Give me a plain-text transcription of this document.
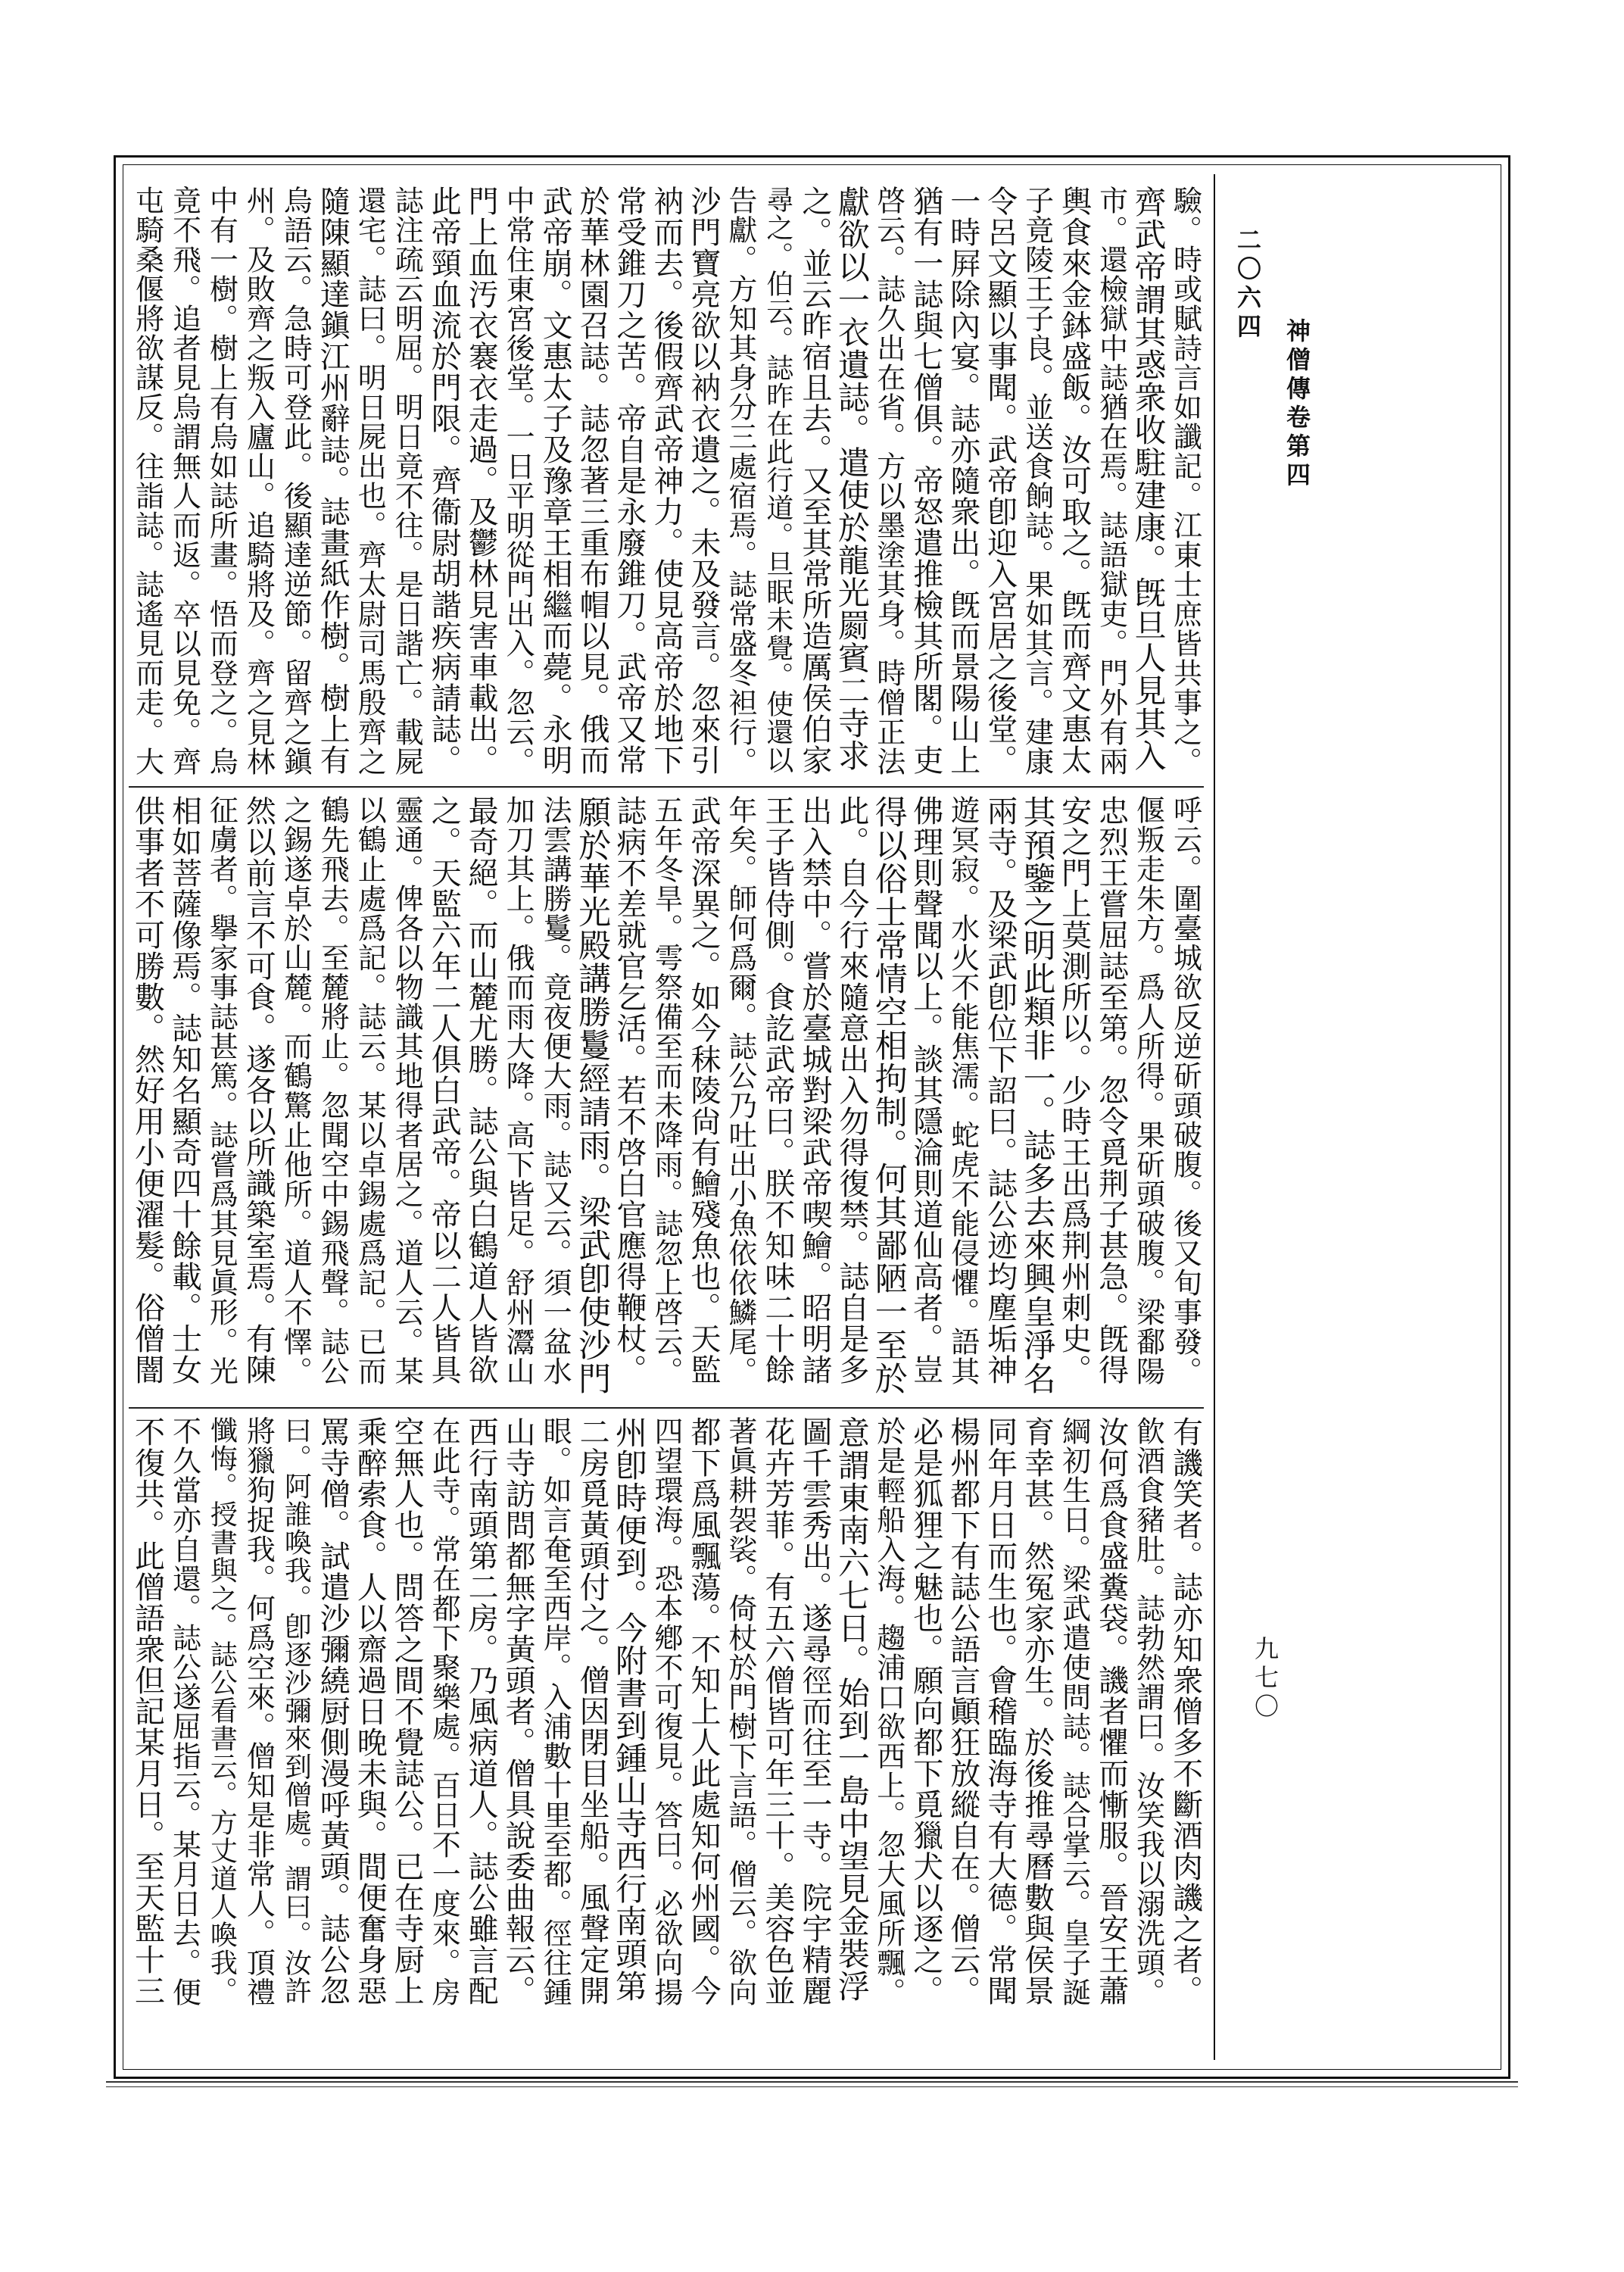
二〇六四
神僧傳卷第四
九七〇
驗。時或賦詩言如讖記。江東士庶皆共事之。
齊武帝謂其惑衆收駐建康。旣旦人見其入
市。還檢獄中誌猶在焉。誌語獄吏。門外有兩
輿食來金鉢盛飯。汝可取之。旣而齊文惠太
子竟陵王子良。並送食餉誌。果如其言。建康
令呂文顯以事聞。武帝卽迎入宮居之後堂。
一時屛除內宴。誌亦隨衆出。旣而景陽山上
猶有一誌與七僧俱。帝怒遣推檢其所閣。吏
啓云。誌久出在省。方以墨塗其身。時僧正法
獻欲以一衣遺誌。遣使於龍光罽賓二寺求
之。並云昨宿且去。又至其常所造厲侯伯家
尋之。伯云。誌昨在此行道。旦眠未覺。使還以
告獻。方知其身分三處宿焉。誌常盛冬袒行。
沙門寶亮欲以衲衣遺之。未及發言。忽來引
衲而去。後假齊武帝神力。使見高帝於地下
常受錐刀之苦。帝自是永廢錐刀。武帝又常
於華林園召誌。誌忽著三重布帽以見。俄而
武帝崩。文惠太子及豫章王相繼而薨。永明
中常住東宮後堂。一日平明從門出入。忽云。
門上血汚衣褰衣走過。及鬱林見害車載出。
此帝頸血流於門限。齊衞尉胡諧疾病請誌。
誌注疏云明屈。明日竟不往。是日諧亡。載屍
還宅。誌曰。明日屍出也。齊太尉司馬殷齊之
隨陳顯達鎭江州辭誌。誌畫紙作樹。樹上有
烏語云。急時可登此。後顯達逆節。留齊之鎭
州。及敗齊之叛入廬山。追騎將及。齊之見林
中有一樹。樹上有烏如誌所畫。悟而登之。烏
竟不飛。追者見烏謂無人而返。卒以見免。齊
屯騎桑偃將欲謀反。往詣誌。誌遙見而走。大
呼云。圍臺城欲反逆斫頭破腹。後又旬事發。
偃叛走朱方。爲人所得。果斫頭破腹。梁鄱陽
忠烈王嘗屈誌至第。忽令覓荆子甚急。旣得
安之門上莫測所以。少時王出爲荆州刺史。
其預鑒之明此類非一。誌多去來興皇淨名
兩寺。及梁武卽位下詔曰。誌公迹均塵垢神
遊冥寂。水火不能焦濡。蛇虎不能侵懼。語其
佛理則聲聞以上。談其隱淪則道仙高者。豈
得以俗士常情空相拘制。何其鄙陋一至於
此。自今行來隨意出入勿得復禁。誌自是多
出入禁中。嘗於臺城對梁武帝喫鱠。昭明諸
王子皆侍側。食訖武帝曰。朕不知味二十餘
年矣。師何爲爾。誌公乃吐出小魚依依鱗尾。
武帝深異之。如今秣陵尙有鱠殘魚也。天監
五年冬旱。雩祭備至而未降雨。誌忽上啓云。
誌病不差就官乞活。若不啓白官應得鞭杖。
願於華光殿講勝鬘經請雨。梁武卽使沙門
法雲講勝鬘。竟夜便大雨。誌又云。須一盆水
加刀其上。俄而雨大降。高下皆足。舒州灊山
最奇絕。而山麓尤勝。誌公與白鶴道人皆欲
之。天監六年二人俱白武帝。帝以二人皆具
靈通。俾各以物識其地得者居之。道人云。某
以鶴止處爲記。誌云。某以卓錫處爲記。已而
鶴先飛去。至麓將止。忽聞空中錫飛聲。誌公
之錫遂卓於山麓。而鶴驚止他所。道人不懌。
然以前言不可食。遂各以所識築室焉。有陳
征虜者。擧家事誌甚篤。誌嘗爲其見眞形。光
相如菩薩像焉。誌知名顯奇四十餘載。士女
供事者不可勝數。然好用小便濯髮。俗僧闇
有譏笑者。誌亦知衆僧多不斷酒肉譏之者。
飮酒食豬肚。誌勃然謂曰。汝笑我以溺洗頭。
汝何爲食盛糞袋。譏者懼而慚服。晉安王蕭
綱初生日。梁武遣使問誌。誌合掌云。皇子誕
育幸甚。然冤家亦生。於後推尋曆數與侯景
同年月日而生也。會稽臨海寺有大德。常聞
楊州都下有誌公語言顚狂放縱自在。僧云。
必是狐狸之魅也。願向都下覓獵犬以逐之。
於是輕船入海。趨浦口欲西上。忽大風所飄。
意謂東南六七日。始到一島中望見金裝浮
圖千雲秀出。遂尋徑而往至一寺。院宇精麗
花卉芳菲。有五六僧皆可年三十。美容色並
著眞耕袈裟。倚杖於門樹下言語。僧云。欲向
都下爲風飄蕩。不知上人此處知何州國。今
四望環海。恐本鄕不可復見。答曰。必欲向揚
州卽時便到。今附書到鍾山寺西行南頭第
二房覓黃頭付之。僧因閉目坐船。風聲定開
眼。如言奄至西岸。入浦數十里至都。徑往鍾
山寺訪問都無字黃頭者。僧具說委曲報云。
西行南頭第二房。乃風病道人。誌公雖言配
在此寺。常在都下聚樂處。百日不一度來。房
空無人也。問答之間不覺誌公。已在寺厨上
乘醉索食。人以齋過日晚未與。間便奮身惡
罵寺僧。試遣沙彌繞厨側漫呼黃頭。誌公忽
曰。阿誰喚我。卽逐沙彌來到僧處。謂曰。汝許
將獵狗捉我。何爲空來。僧知是非常人。頂禮
懺悔。授書與之。誌公看書云。方丈道人喚我。
不久當亦自還。誌公遂屈指云。某月日去。便
不復共。此僧語衆但記某月日。至天監十三
